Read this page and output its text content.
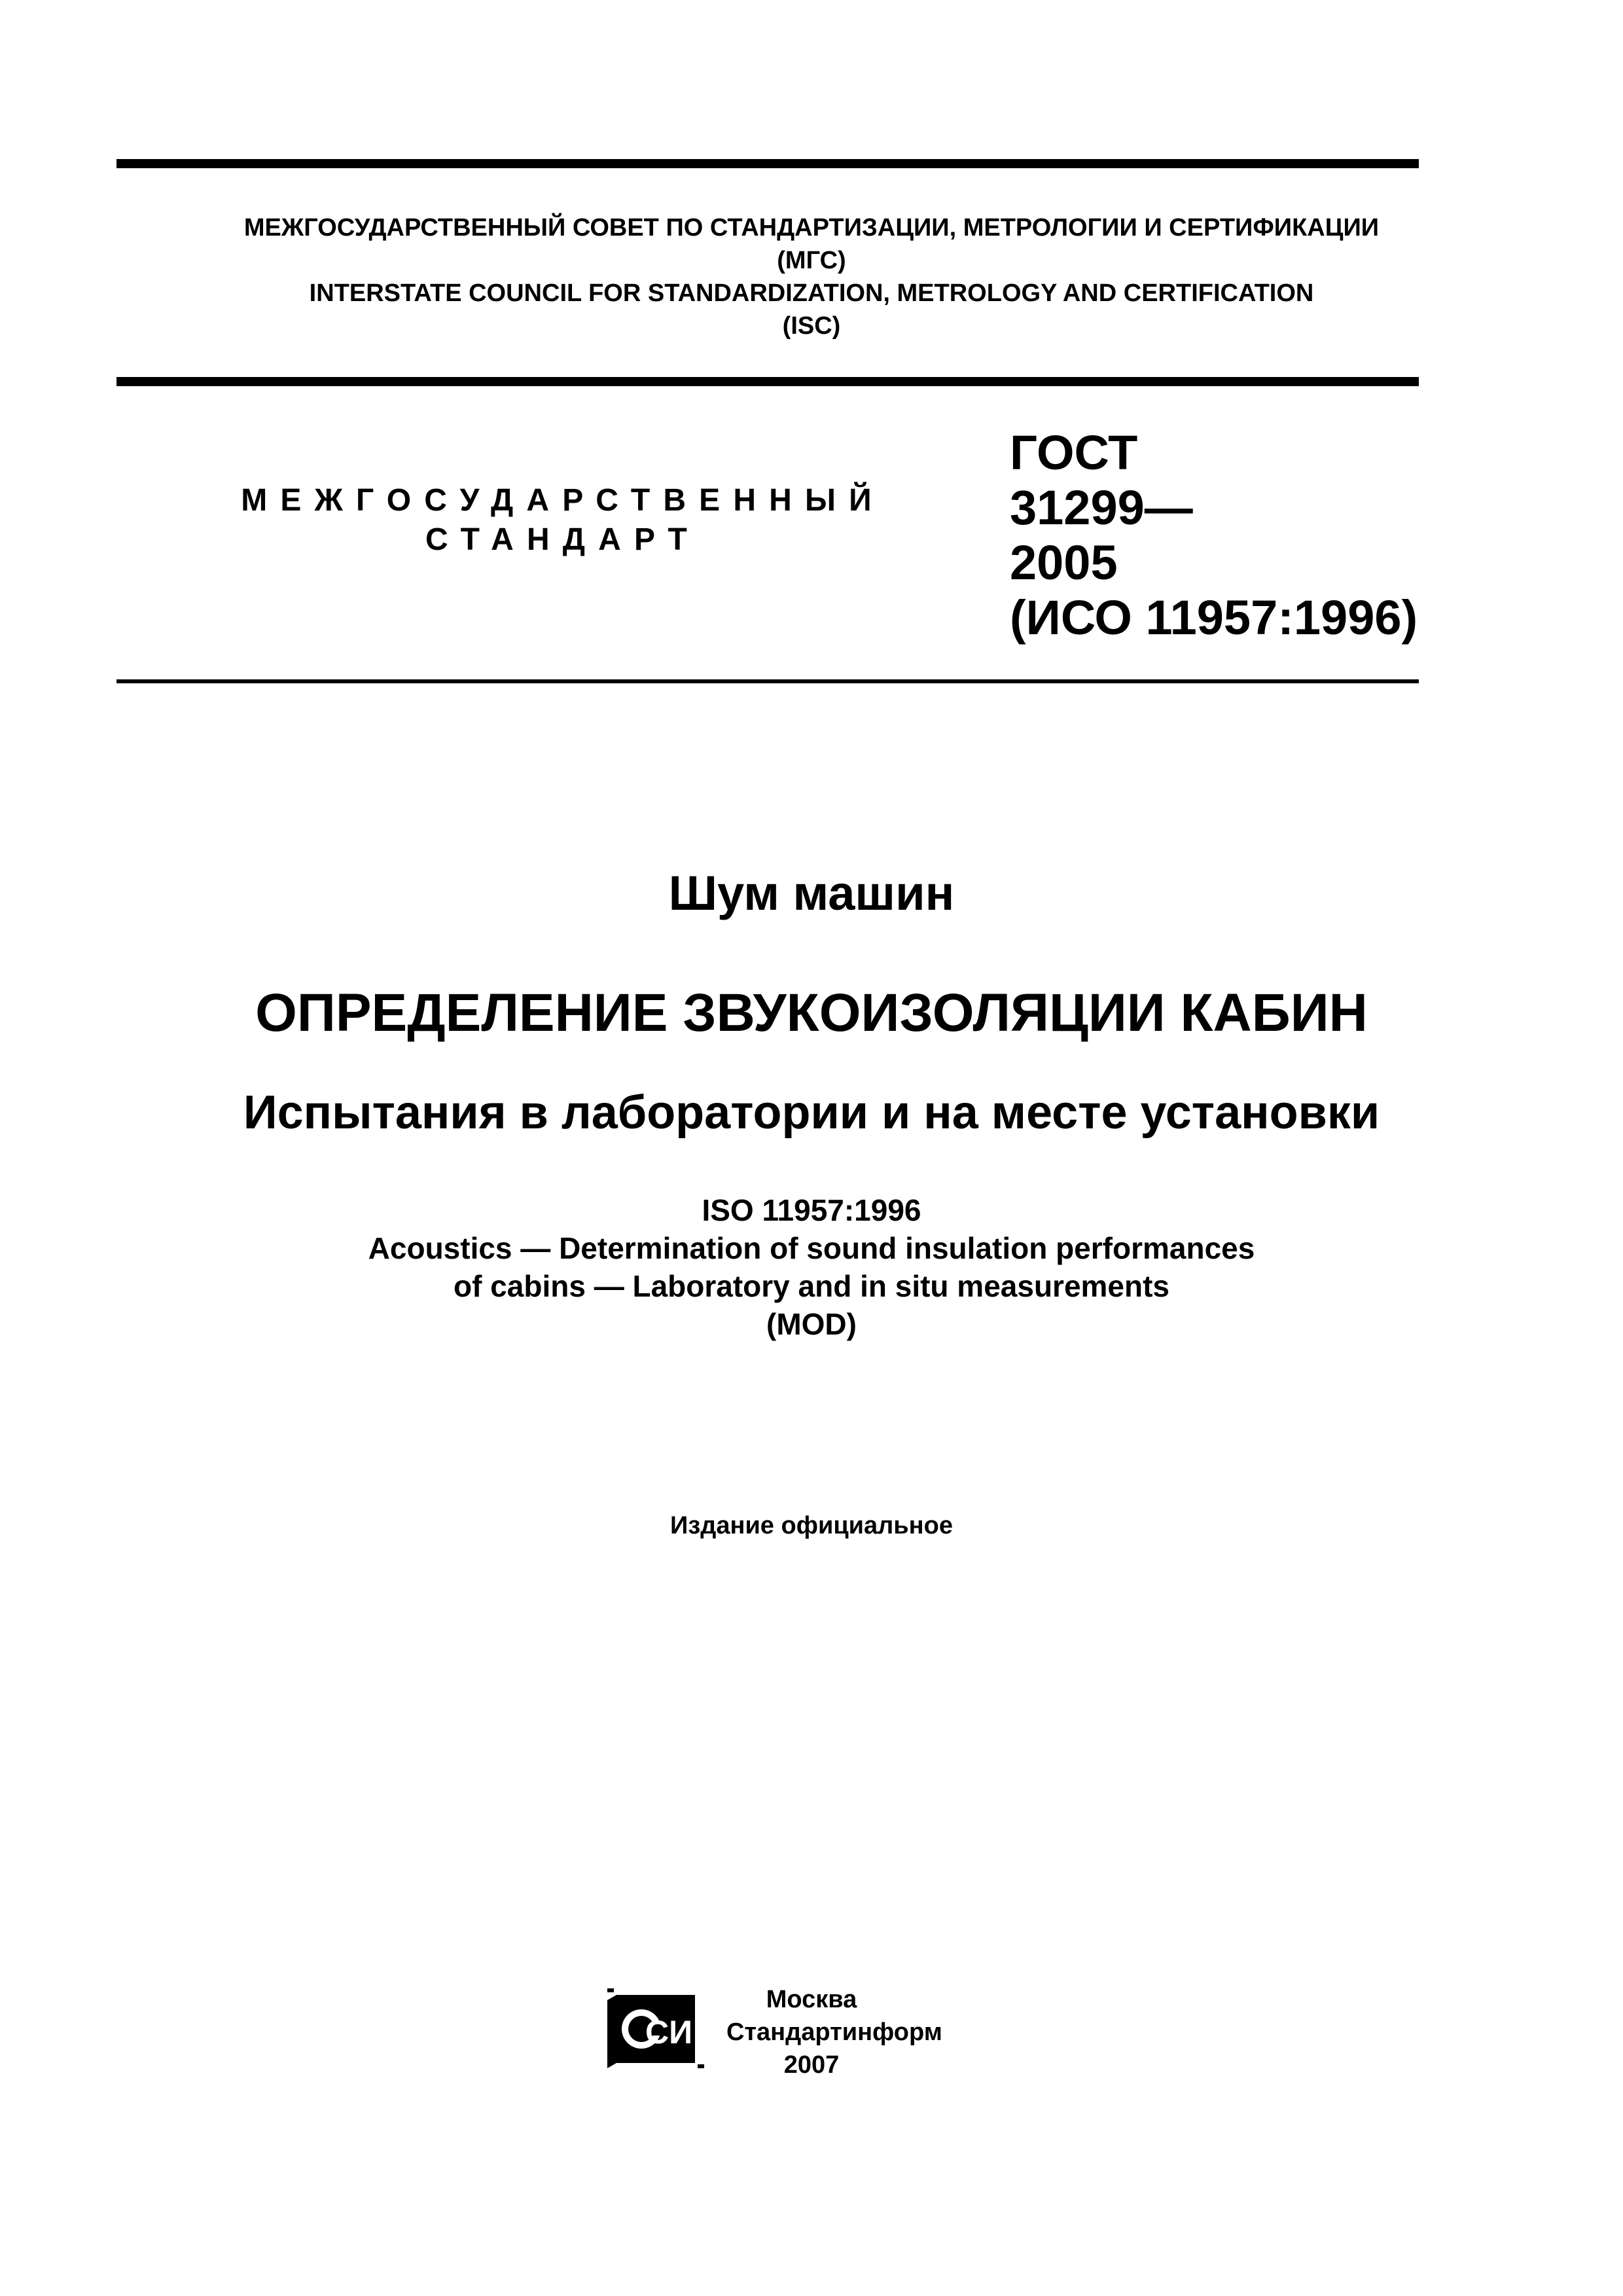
МЕЖГОСУДАРСТВЕННЫЙ СОВЕТ ПО СТАНДАРТИЗАЦИИ, МЕТРОЛОГИИ И СЕРТИФИКАЦИИ
(МГС)
INTERSTATE COUNCIL FOR STANDARDIZATION, METROLOGY AND CERTIFICATION
(ISC)
МЕЖГОСУДАРСТВЕННЫЙ
СТАНДАРТ
ГОСТ
31299—
2005
(ИСО 11957:1996)
Шум машин
ОПРЕДЕЛЕНИЕ ЗВУКОИЗОЛЯЦИИ КАБИН
Испытания в лаборатории и на месте установки
ISO 11957:1996
Acoustics — Determination of sound insulation performances
of cabins — Laboratory and in situ measurements
(MOD)
Издание официальное
СИ
Москва
Стандартинформ
2007
